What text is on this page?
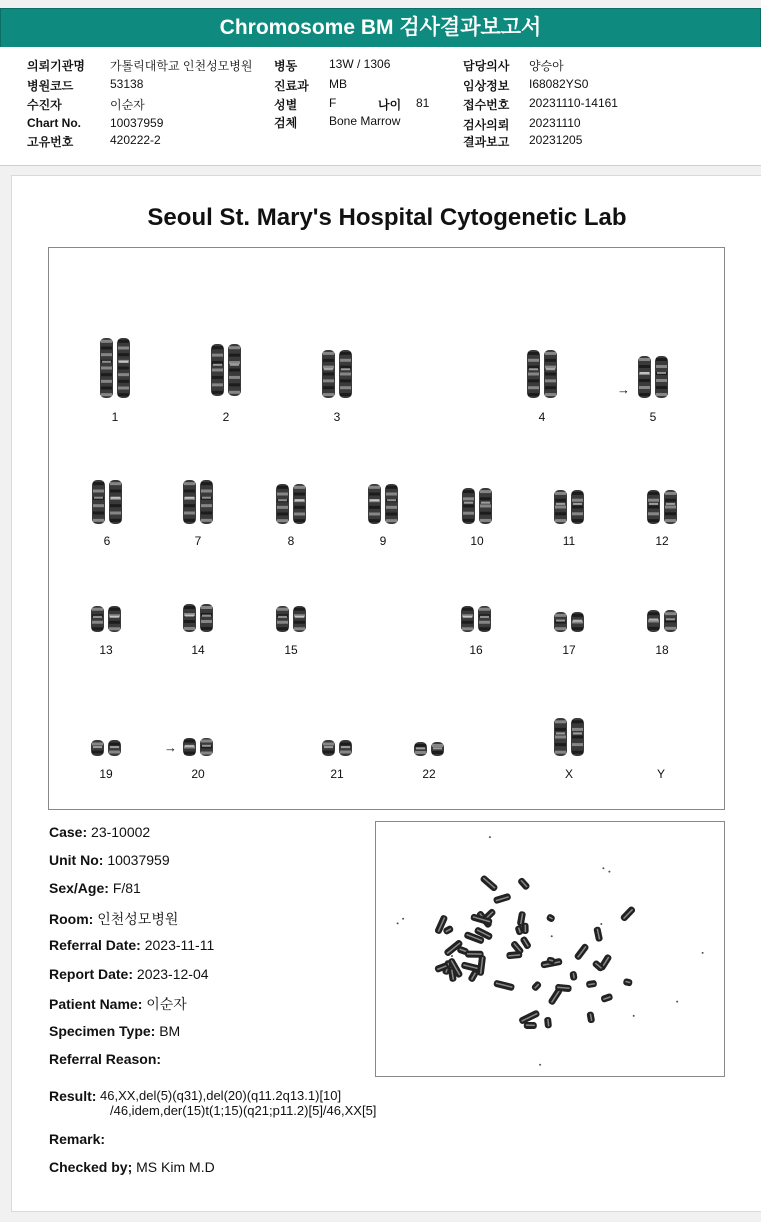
Chromosome BM 검사결과보고서
의뢰기관명 가톨릭대학교 인천성모병원
병원코드	53138
수진자	이순자
Chart No. 10037959
고유번호	420222-2
병동	13W / 1306
진료과 MB
성별	F	나이 81
검체	Bone Marrow
담당의사 양승아
임상정보 I68082YS0
접수번호 20231110-14161
검사의뢰 20231110
결과보고 20231205
Seoul St. Mary's Hospital Cytogenetic Lab
→
→
1	2	3	4	5
6	7	8	9	10	11	12
13	14	15	16	17	18
19	20	21	22	X	Y
Case: 23-10002
Unit No: 10037959
Sex/Age: F/81
Room: 인천성모병원
Referral Date: 2023-11-11
Report Date: 2023-12-04
Patient Name: 이순자
Specimen Type: BM
Referral Reason:
Result: 46,XX,del(5)(q31),del(20)(q11.2q13.1)[10]
/46,idem,der(15)t(1;15)(q21;p11.2)[5]/46,XX[5]
Remark:
Checked by; MS Kim M.D
